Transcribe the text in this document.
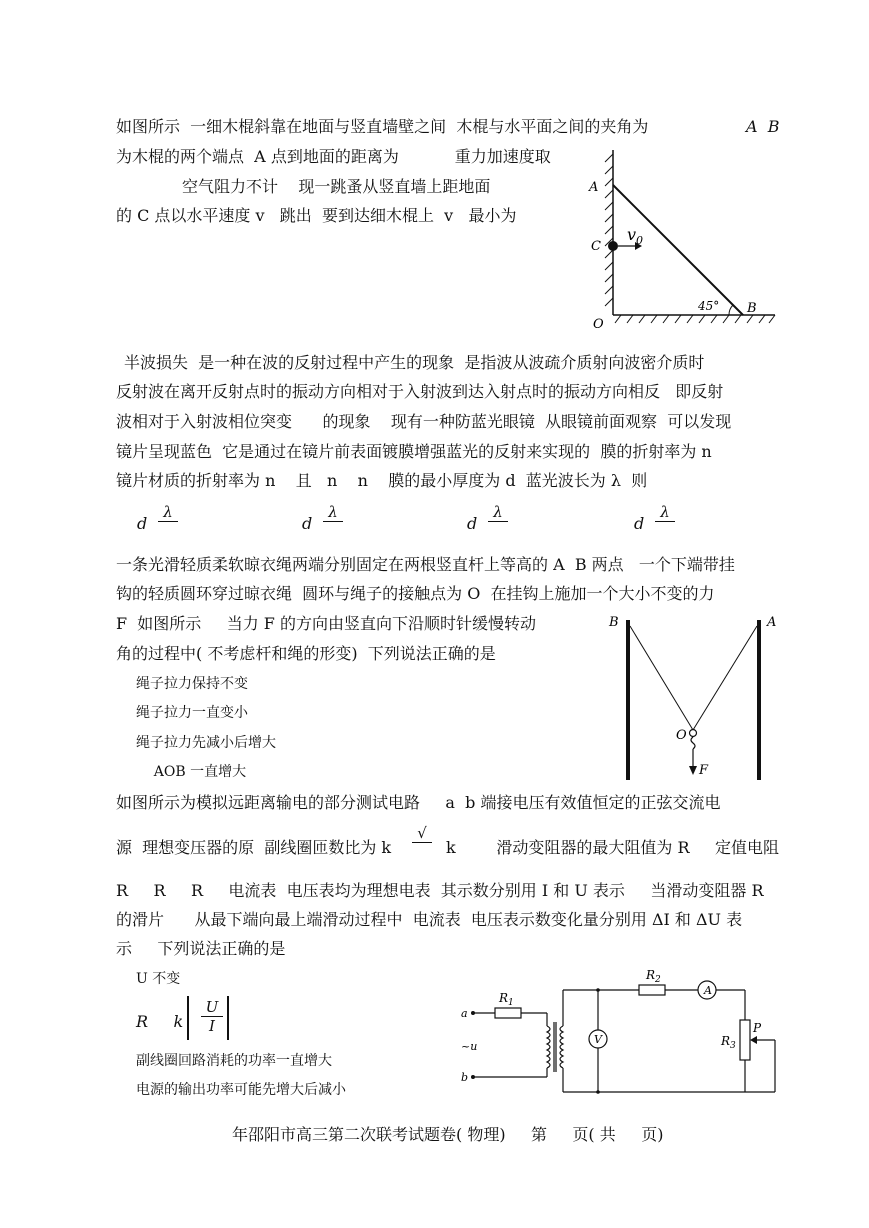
如图所示  一细木棍斜靠在地面与竖直墙壁之间  木棍与水平面之间的夹角为	A  B
为木棍的两个端点  A 点到地面的距离为           重力加速度取
空气阻力不计    现一跳蚤从竖直墙上距地面
的 C 点以水平速度 v   跳出  要到达细木棍上  v   最小为
A
C
O
B
v 0
45°
半波损失  是一种在波的反射过程中产生的现象  是指波从波疏介质射向波密介质时
反射波在离开反射点时的振动方向相对于入射波到达入射点时的振动方向相反   即反射
波相对于入射波相位突变      的现象    现有一种防蓝光眼镜  从眼镜前面观察  可以发现
镜片呈现蓝色  它是通过在镜片前表面镀膜增强蓝光的反射来实现的  膜的折射率为 n
镜片材质的折射率为 n    且   n    n    膜的最小厚度为 d  蓝光波长为 λ  则
d
λ
d
λ
d
λ
d
λ
一条光滑轻质柔软晾衣绳两端分别固定在两根竖直杆上等高的 A  B 两点   一个下端带挂
钩的轻质圆环穿过晾衣绳  圆环与绳子的接触点为 O  在挂钩上施加一个大小不变的力
F  如图所示     当力 F 的方向由竖直向下沿顺时针缓慢转动
角的过程中( 不考虑杆和绳的形变)  下列说法正确的是
绳子拉力保持不变
绳子拉力一直变小
绳子拉力先减小后增大
AOB 一直增大
B	A
O
F
如图所示为模拟远距离输电的部分测试电路     a  b 端接电压有效值恒定的正弦交流电
源  理想变压器的原  副线圈匝数比为 k
√
k        滑动变阻器的最大阻值为 R     定值电阻
R     R     R     电流表  电压表均为理想电表  其示数分别用 I 和 U 表示     当滑动变阻器 R
的滑片      从最下端向最上端滑动过程中  电流表  电压表示数变化量分别用 ΔI 和 ΔU 表
示     下列说法正确的是
U 不变
R     k $\frac{U}{I}$
副线圈回路消耗的功率一直增大
电源的输出功率可能先增大后减小
A
V
R 1
R 2
R 3
P
a
b
~u
年邵阳市高三第二次联考试题卷( 物理)     第     页( 共     页)
